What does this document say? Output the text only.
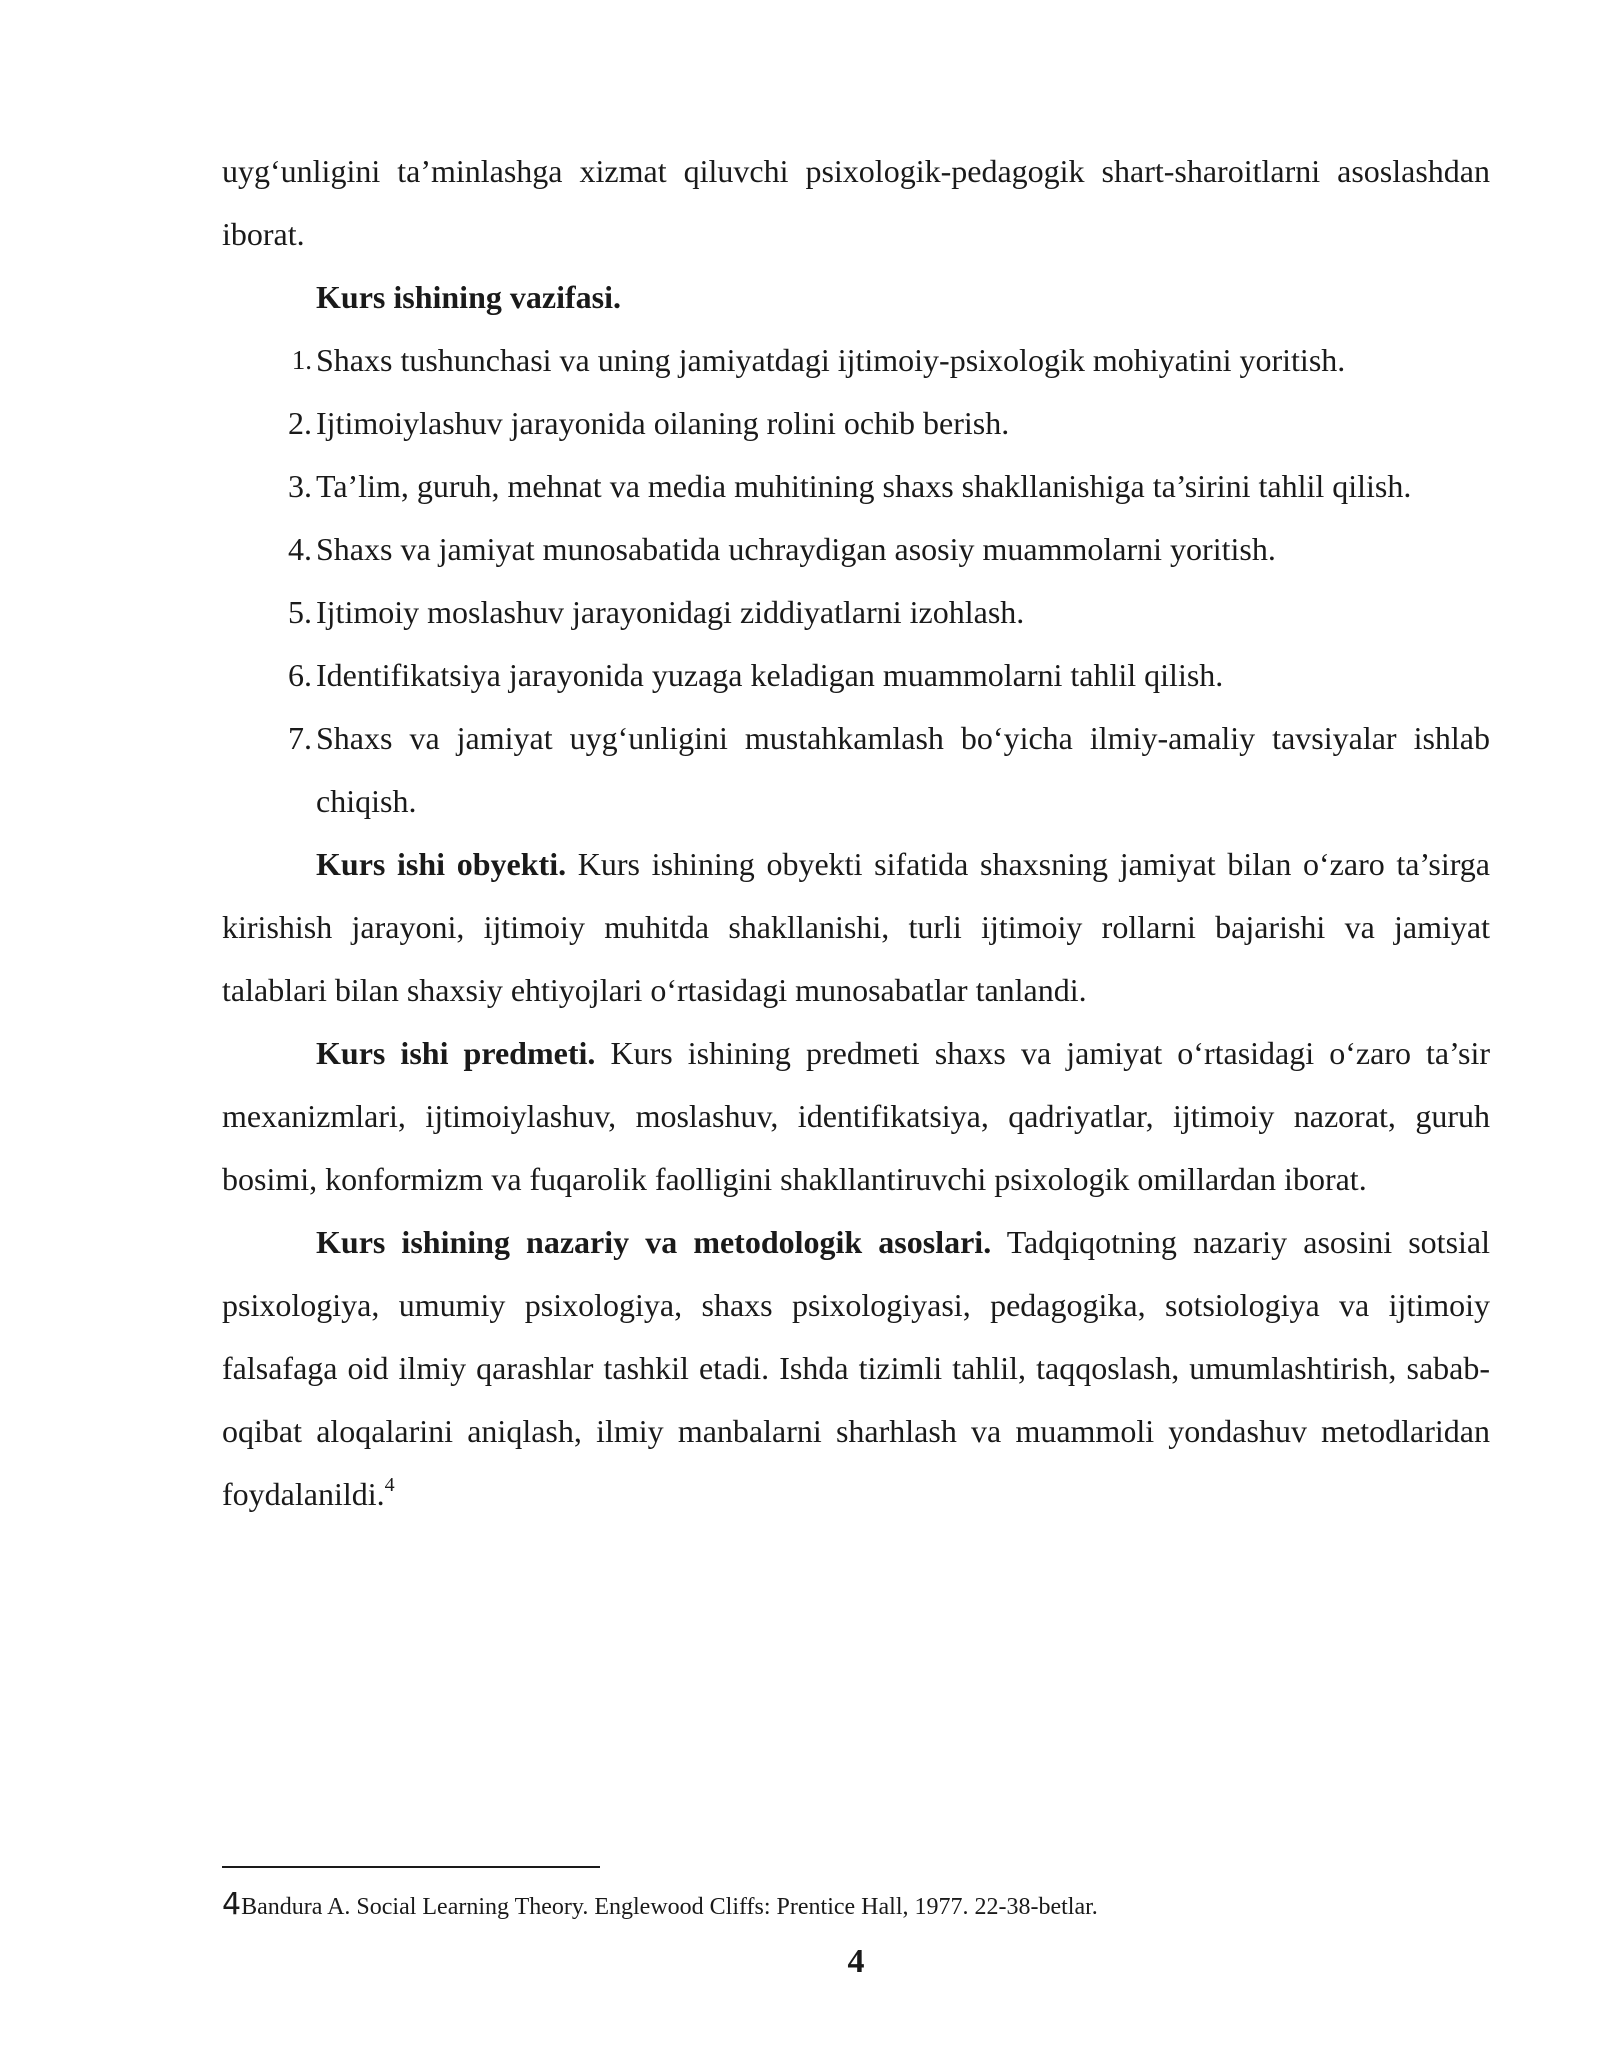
uyg‘unligini ta’minlashga xizmat qiluvchi psixologik-pedagogik shart-sharoitlarni asoslashdan iborat.

Kurs ishining vazifasi.

1. Shaxs tushunchasi va uning jamiyatdagi ijtimoiy-psixologik mohiyatini yoritish.
2. Ijtimoiylashuv jarayonida oilaning rolini ochib berish.
3. Ta’lim, guruh, mehnat va media muhitining shaxs shakllanishiga ta’sirini tahlil qilish.
4. Shaxs va jamiyat munosabatida uchraydigan asosiy muammolarni yoritish.
5. Ijtimoiy moslashuv jarayonidagi ziddiyatlarni izohlash.
6. Identifikatsiya jarayonida yuzaga keladigan muammolarni tahlil qilish.
7. Shaxs va jamiyat uyg‘unligini mustahkamlash bo‘yicha ilmiy-amaliy tavsiyalar ishlab chiqish.

Kurs ishi obyekti. Kurs ishining obyekti sifatida shaxsning jamiyat bilan o‘zaro ta’sirga kirishish jarayoni, ijtimoiy muhitda shakllanishi, turli ijtimoiy rollarni bajarishi va jamiyat talablari bilan shaxsiy ehtiyojlari o‘rtasidagi munosabatlar tanlandi.

Kurs ishi predmeti. Kurs ishining predmeti shaxs va jamiyat o‘rtasidagi o‘zaro ta’sir mexanizmlari, ijtimoiylashuv, moslashuv, identifikatsiya, qadriyatlar, ijtimoiy nazorat, guruh bosimi, konformizm va fuqarolik faolligini shakllantiruvchi psixologik omillardan iborat.

Kurs ishining nazariy va metodologik asoslari. Tadqiqotning nazariy asosini sotsial psixologiya, umumiy psixologiya, shaxs psixologiyasi, pedagogika, sotsiologiya va ijtimoiy falsafaga oid ilmiy qarashlar tashkil etadi. Ishda tizimli tahlil, taqqoslash, umumlashtirish, sabab-oqibat aloqalarini aniqlash, ilmiy manbalarni sharhlash va muammoli yondashuv metodlaridan foydalanildi.$^4$

4Bandura A. Social Learning Theory. Englewood Cliffs: Prentice Hall, 1977. 22-38-betlar.
4
